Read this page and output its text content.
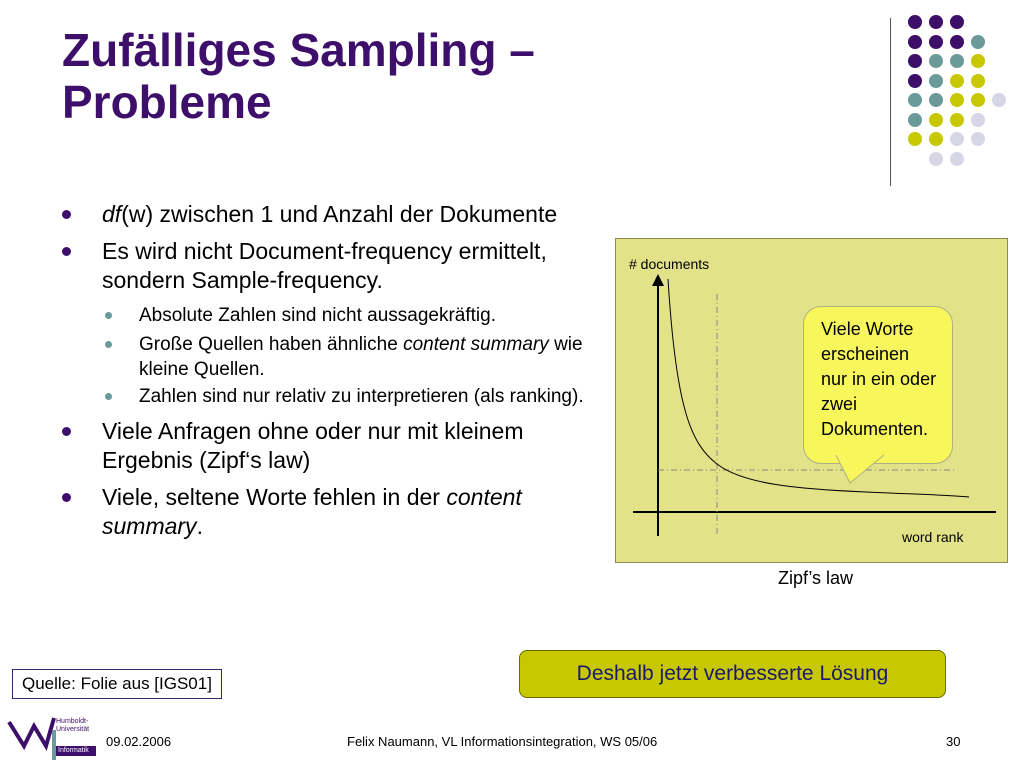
Zufälliges Sampling –
Probleme
df(w) zwischen 1 und Anzahl der Dokumente
Es wird nicht Document-frequency ermittelt, sondern Sample-frequency.
Absolute Zahlen sind nicht aussagekräftig.
Große Quellen haben ähnliche content summary wie kleine Quellen.
Zahlen sind nur relativ zu interpretieren (als ranking).
Viele Anfragen ohne oder nur mit kleinem Ergebnis (Zipf‘s law)
Viele, seltene Worte fehlen in der content summary.
# documents
word rank
Viele Worte erscheinen nur in ein oder zwei Dokumenten.
Zipf’s law
Quelle: Folie aus [IGS01]	Deshalb jetzt verbesserte Lösung
Humboldt-
Universität
Informatik
09.02.2006	Felix Naumann, VL Informationsintegration, WS 05/06	30
